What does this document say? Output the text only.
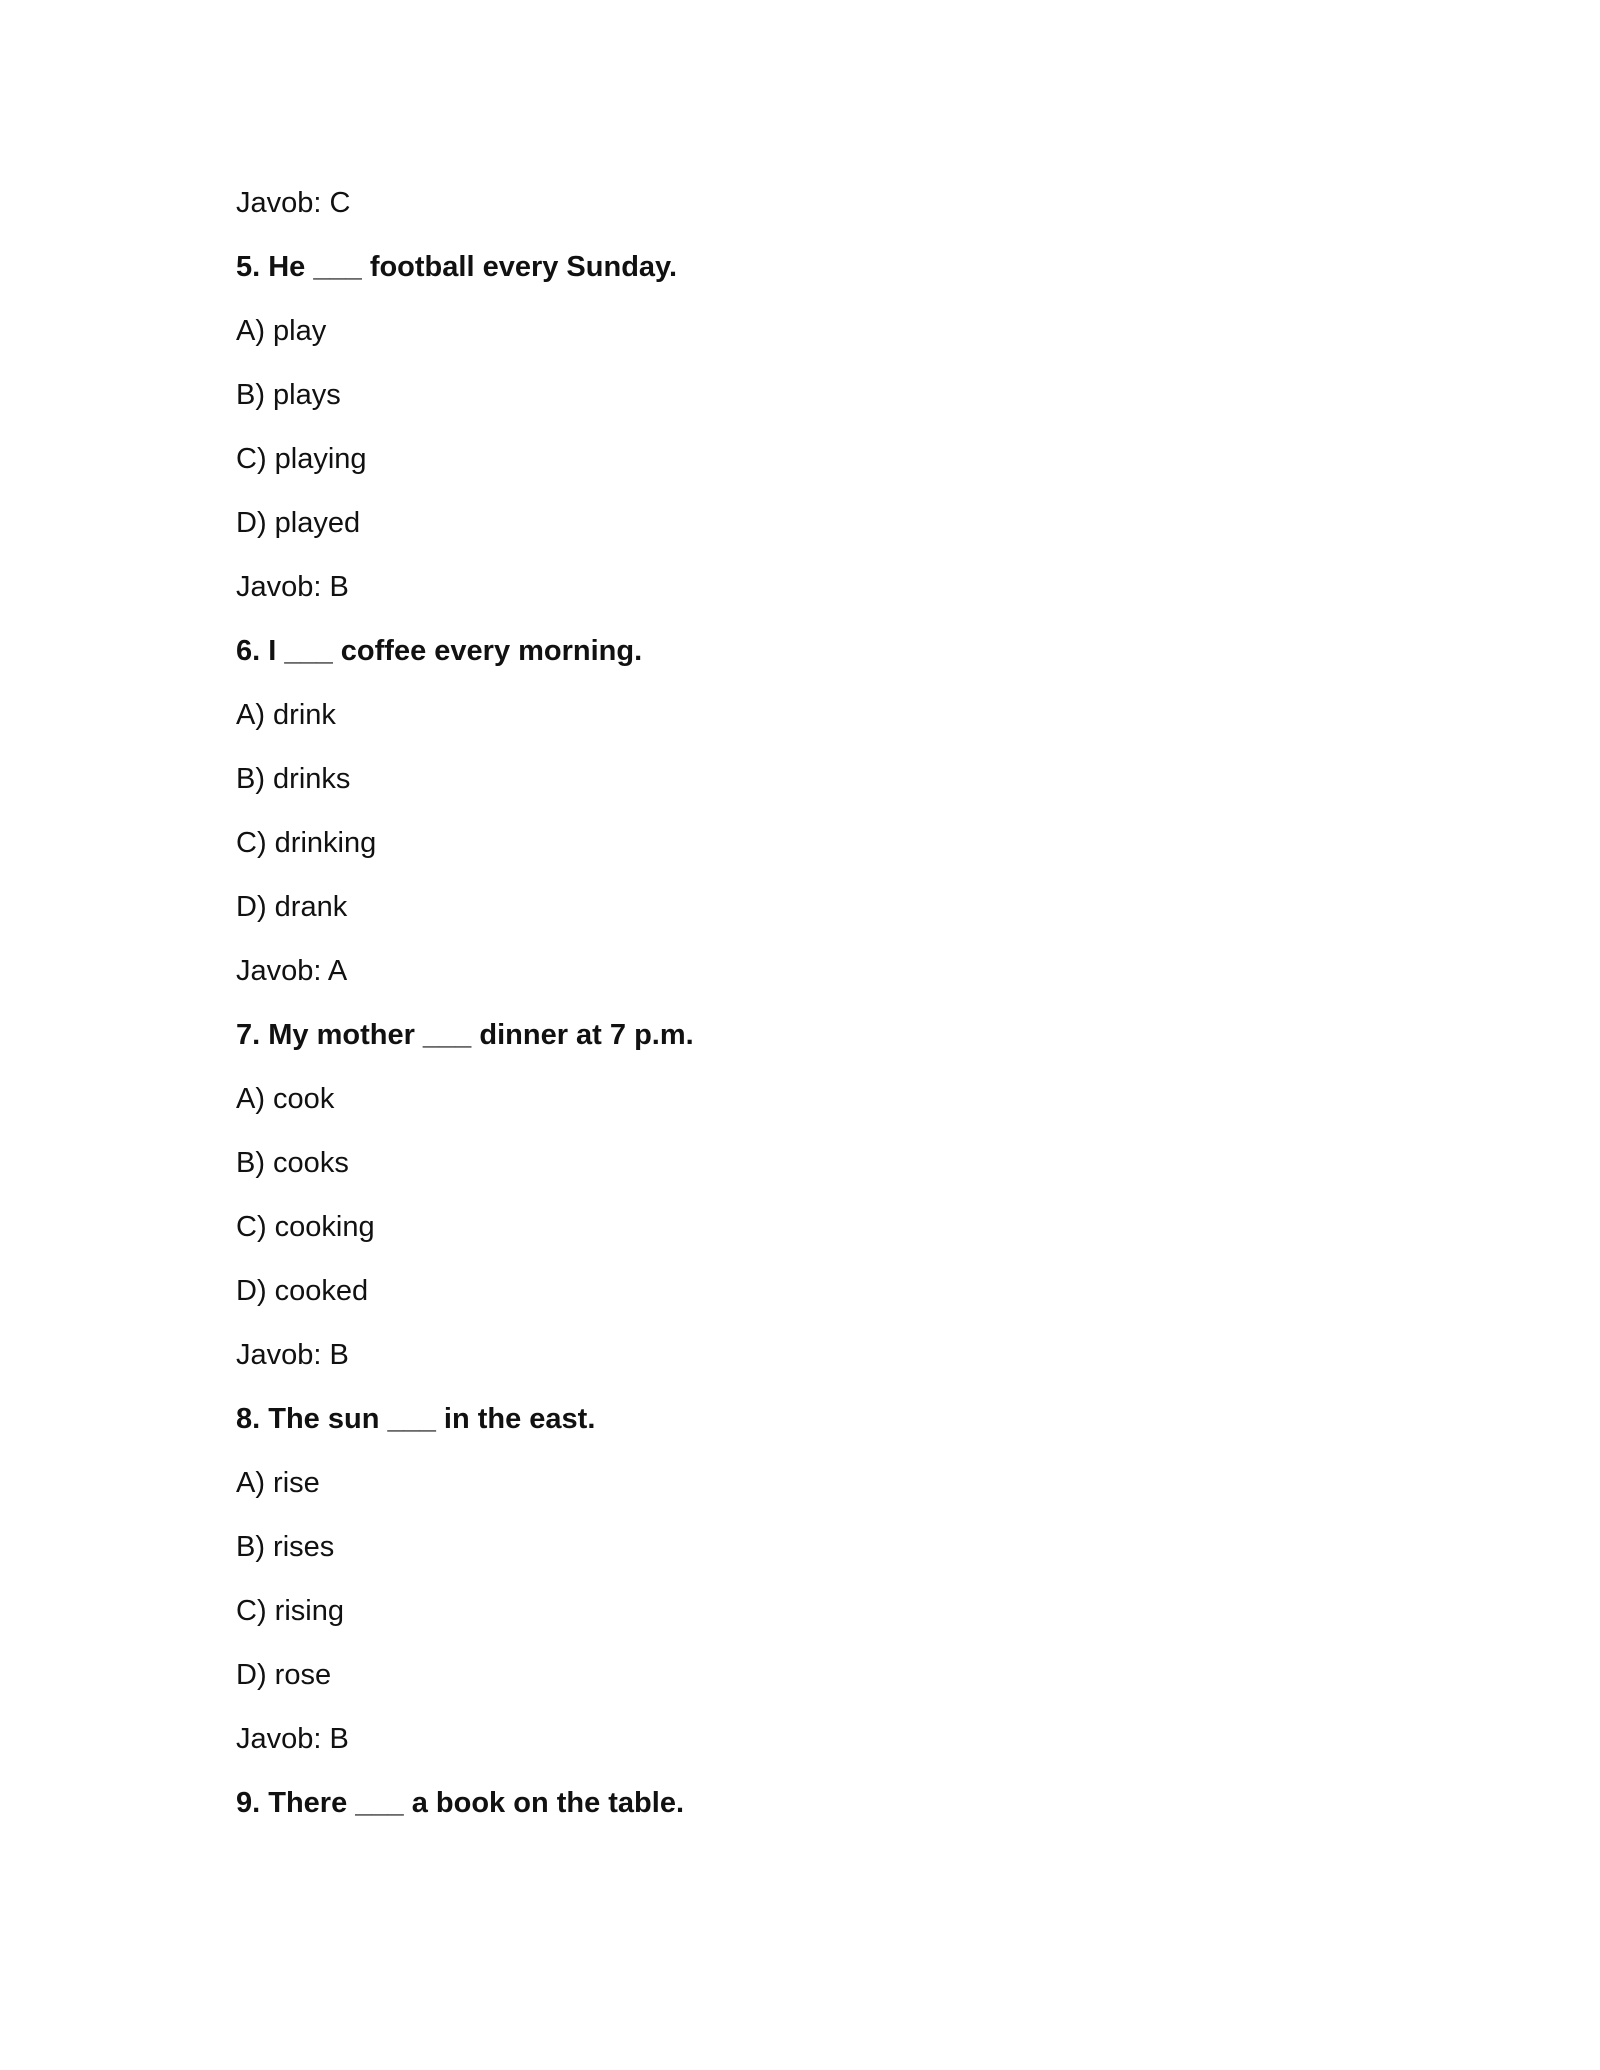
Javob: C
5. He ___ football every Sunday.
A) play
B) plays
C) playing
D) played
Javob: B
6. I ___ coffee every morning.
A) drink
B) drinks
C) drinking
D) drank
Javob: A
7. My mother ___ dinner at 7 p.m.
A) cook
B) cooks
C) cooking
D) cooked
Javob: B
8. The sun ___ in the east.
A) rise
B) rises
C) rising
D) rose
Javob: B
9. There ___ a book on the table.
